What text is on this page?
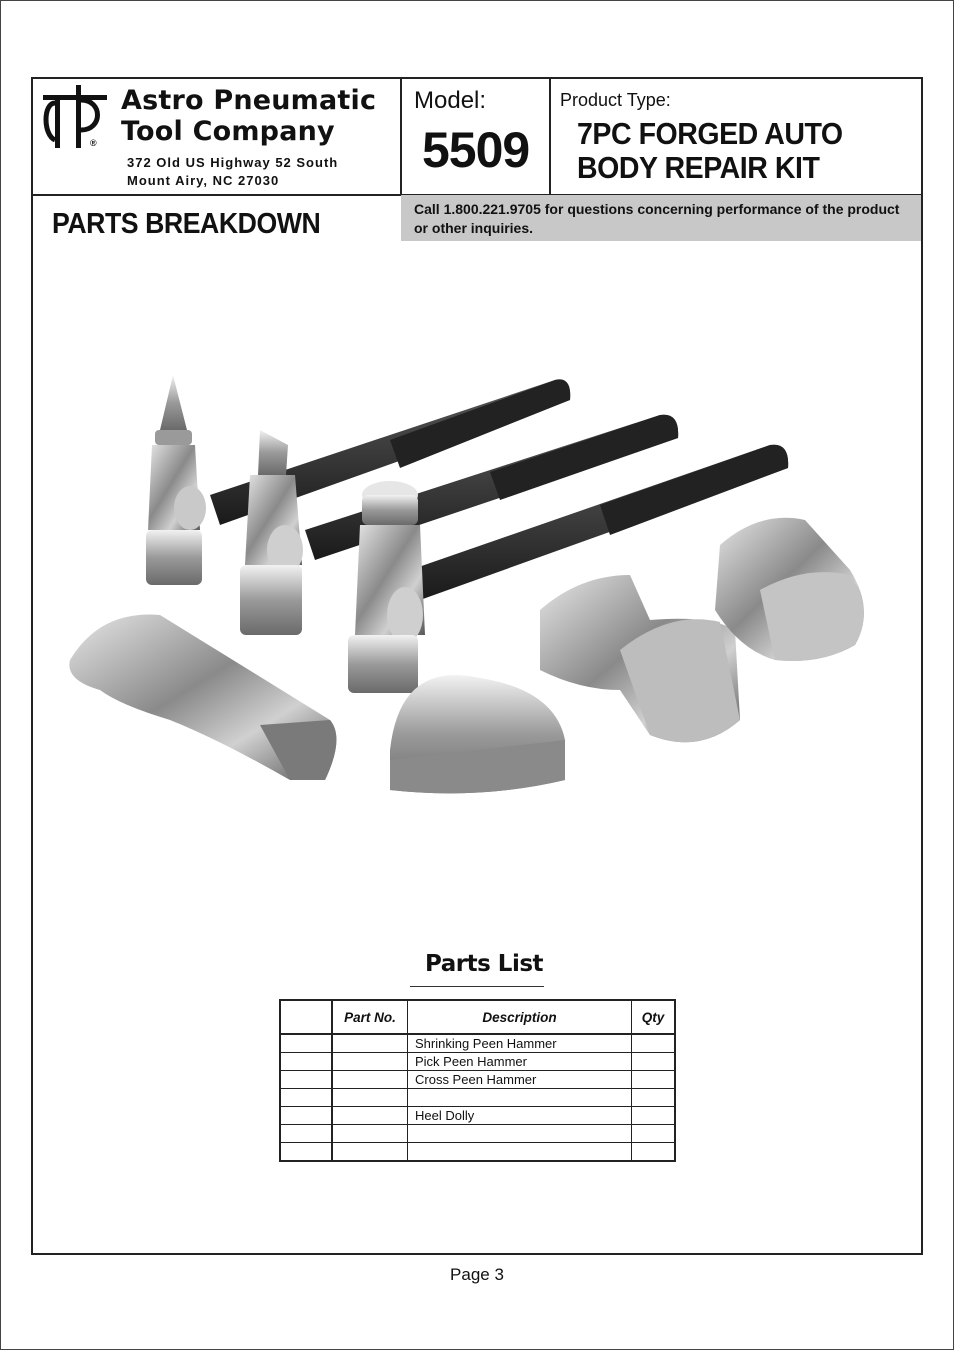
®
Astro Pneumatic
Tool Company
372 Old US Highway 52 South
Mount Airy, NC 27030
Model:
5509
Product Type:
7PC FORGED AUTO
BODY REPAIR KIT
PARTS BREAKDOWN	Call 1.800.221.9705 for questions concerning performance of the product or other inquiries.
Parts List
	Part No.	Description	Qty
		Shrinking Peen Hammer	
		Pick Peen Hammer	
		Cross Peen Hammer	

		Heel Dolly	

Page 3
